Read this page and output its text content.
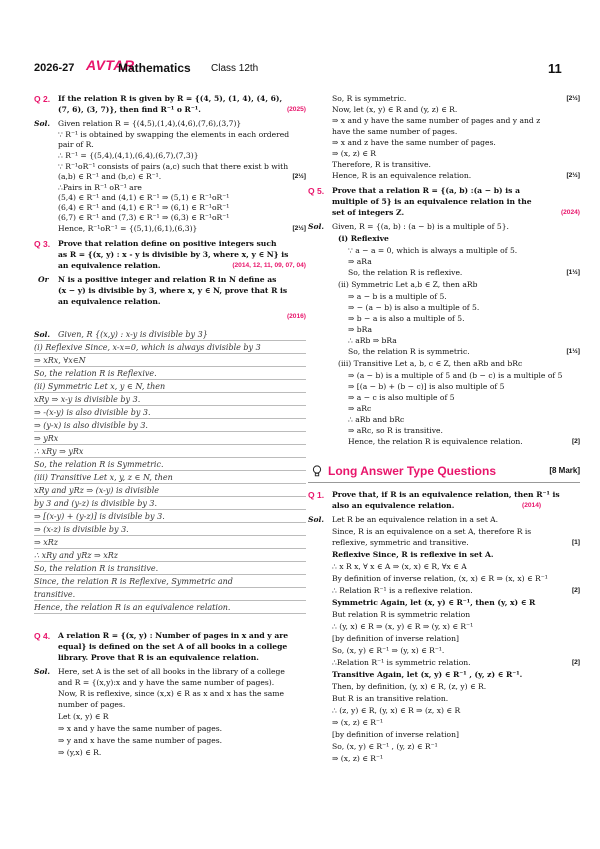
2026-27 AVTAR
Mathematics Class 12th	11
Q 2. If the relation R is given by R = {(4, 5), (1, 4), (4, 6),
(7, 6), (3, 7)}, then find R⁻¹ o R⁻¹.	(2025)
Sol. Given relation R = {(4,5),(1,4),(4,6),(7,6),(3,7)}
∵ R⁻¹ is obtained by swapping the elements in each ordered
pair of R.
∴ R⁻¹ = {(5,4),(4,1),(6,4),(6,7),(7,3)}
∵ R⁻¹oR⁻¹ consists of pairs (a,c) such that there exist b with
(a,b) ∈ R⁻¹ and (b,c) ∈ R⁻¹.	[2½]
∴Pairs in R⁻¹ oR⁻¹ are
(5,4) ∈ R⁻¹ and (4,1) ∈ R⁻¹ ⇒ (5,1) ∈ R⁻¹oR⁻¹
(6,4) ∈ R⁻¹ and (4,1) ∈ R⁻¹ ⇒ (6,1) ∈ R⁻¹oR⁻¹
(6,7) ∈ R⁻¹ and (7,3) ∈ R⁻¹ ⇒ (6,3) ∈ R⁻¹oR⁻¹
Hence, R⁻¹oR⁻¹ = {(5,1),(6,1),(6,3)}	[2½]
Q 3. Prove that relation define on positive integers such
as R = {(x, y) : x - y is divisible by 3, where x, y ∈ N} is
an equivalence relation.	(2014, 12, 11, 09, 07, 04)
Or N is a positive integer and relation R in N define as
(x − y) is divisible by 3, where x, y ∈ N, prove that R is
an equivalence relation.
(2016)
Sol. Given, R {(x,y) : x-y is divisible by 3}
(i) Reflexive Since, x-x=0, which is always divisible by 3
⇒ xRx, ∀x∈N
So, the relation R is Reflexive.
(ii) Symmetric Let x, y ∈ N, then
xRy ⇒ x-y is divisible by 3.
⇒ -(x-y) is also divisible by 3.
⇒ (y-x) is also divisible by 3.
⇒ yRx
∴ xRy ⇒ yRx
So, the relation R is Symmetric.
(iii) Transitive Let x, y, z ∈ N, then
xRy and yRz ⇒ (x-y) is divisible
by 3 and (y-z) is divisible by 3.
⇒ [(x-y) + (y-z)] is divisible by 3.
⇒ (x-z) is divisible by 3.
⇒ xRz
∴ xRy and yRz ⇒ xRz
So, the relation R is transitive.
Since, the relation R is Reflexive, Symmetric and
transitive.
Hence, the relation R is an equivalence relation.
Q 4. A relation R = {(x, y) : Number of pages in x and y are
equal} is defined on the set A of all books in a college
library. Prove that R is an equivalence relation.
Sol. Here, set A is the set of all books in the library of a college
and R = {(x,y):x and y have the same number of pages).
Now, R is reflexive, since (x,x) ∈ R as x and x has the same
number of pages.
Let (x, y) ∈ R
⇒ x and y have the same number of pages.
⇒ y and x have the same number of pages.
⇒ (y,x) ∈ R.
So, R is symmetric.	[2½]
Now, let (x, y) ∈ R and (y, z) ∈ R.
⇒ x and y have the same number of pages and y and z
have the same number of pages.
⇒ x and z have the same number of pages.
⇒ (x, z) ∈ R
Therefore, R is transitive.
Hence, R is an equivalence relation.	[2½]
Q 5. Prove that a relation R = {(a, b) :(a − b) is a
multiple of 5} is an equivalence relation in the
set of integers Z.	(2024)
Sol. Given, R = {(a, b) : (a − b) is a multiple of 5}.
(i) Reflexive
∵ a − a = 0, which is always a multiple of 5.
⇒ aRa
So, the relation R is reflexive.	[1½]
(ii) Symmetric Let a,b ∈ Z, then aRb
⇒ a − b is a multiple of 5.
⇒ − (a − b) is also a multiple of 5.
⇒ b − a is also a multiple of 5.
⇒ bRa
∴ aRb ⇒ bRa
So, the relation R is symmetric.	[1½]
(iii) Transitive Let a, b, c ∈ Z, then aRb and bRc
⇒ (a − b) is a multiple of 5 and (b − c) is a multiple of 5
⇒ [(a − b) + (b − c)] is also multiple of 5
⇒ a − c is also multiple of 5
⇒ aRc
∴ aRb and bRc
⇒ aRc, so R is transitive.
Hence, the relation R is equivalence relation.	[2]
Long Answer Type Questions	[8 Mark]
Q 1. Prove that, if R is an equivalence relation, then R⁻¹ is
also an equivalence relation.	(2014)
Sol. Let R be an equivalence relation in a set A.
Since, R is an equivalence on a set A, therefore R is
reflexive, symmetric and transitive.	[1]
Reflexive Since, R is reflexive in set A.
∴ x R x, ∀ x ∈ A ⇒ (x, x) ∈ R, ∀x ∈ A
By definition of inverse relation, (x, x) ∈ R ⇒ (x, x) ∈ R⁻¹
∴ Relation R⁻¹ is a reflexive relation.	[2]
Symmetric Again, let (x, y) ∈ R⁻¹, then (y, x) ∈ R
But relation R is symmetric relation
∴ (y, x) ∈ R ⇒ (x, y) ∈ R ⇒ (y, x) ∈ R⁻¹
[by definition of inverse relation]
So, (x, y) ∈ R⁻¹ ⇒ (y, x) ∈ R⁻¹.
∴Relation R⁻¹ is symmetric relation.	[2]
Transitive Again, let (x, y) ∈ R⁻¹ , (y, z) ∈ R⁻¹.
Then, by definition, (y, x) ∈ R, (z, y) ∈ R.
But R is an transitive relation.
∴ (z, y) ∈ R, (y, x) ∈ R ⇒ (z, x) ∈ R
⇒ (x, z) ∈ R⁻¹
[by definition of inverse relation]
So, (x, y) ∈ R⁻¹ , (y, z) ∈ R⁻¹
⇒ (x, z) ∈ R⁻¹
